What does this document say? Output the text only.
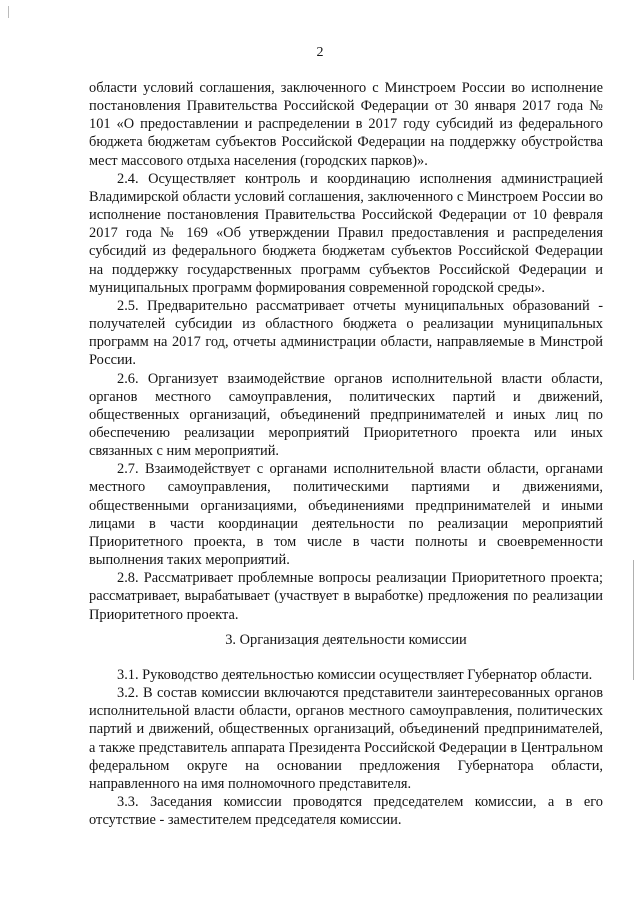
2

области условий соглашения, заключенного с Минстроем России во исполнение постановления Правительства Российской Федерации от 30 января 2017 года № 101 «О предоставлении и распределении в 2017 году субсидий из федерального бюджета бюджетам субъектов Российской Федерации на поддержку обустройства мест массового отдыха населения (городских парков)».

2.4. Осуществляет контроль и координацию исполнения администрацией Владимирской области условий соглашения, заключенного с Минстроем России во исполнение постановления Правительства Российской Федерации от 10 февраля 2017 года № 169 «Об утверждении Правил предоставления и распределения субсидий из федерального бюджета бюджетам субъектов Российской Федерации на поддержку государственных программ субъектов Российской Федерации и муниципальных программ формирования современной городской среды».

2.5. Предварительно рассматривает отчеты муниципальных образований - получателей субсидии из областного бюджета о реализации муниципальных программ на 2017 год, отчеты администрации области, направляемые в Минстрой России.

2.6. Организует взаимодействие органов исполнительной власти области, органов местного самоуправления, политических партий и движений, общественных организаций, объединений предпринимателей и иных лиц по обеспечению реализации мероприятий Приоритетного проекта или иных связанных с ним мероприятий.

2.7. Взаимодействует с органами исполнительной власти области, органами местного самоуправления, политическими партиями и движениями, общественными организациями, объединениями предпринимателей и иными лицами в части координации деятельности по реализации мероприятий Приоритетного проекта, в том числе в части полноты и своевременности выполнения таких мероприятий.

2.8. Рассматривает проблемные вопросы реализации Приоритетного проекта; рассматривает, вырабатывает (участвует в выработке) предложения по реализации Приоритетного проекта.

3. Организация деятельности комиссии

3.1. Руководство деятельностью комиссии осуществляет Губернатор области.

3.2. В состав комиссии включаются представители заинтересованных органов исполнительной власти области, органов местного самоуправления, политических партий и движений, общественных организаций, объединений предпринимателей, а также представитель аппарата Президента Российской Федерации в Центральном федеральном округе на основании предложения Губернатора области, направленного на имя полномочного представителя.

3.3. Заседания комиссии проводятся председателем комиссии, а в его отсутствие - заместителем председателя комиссии.
